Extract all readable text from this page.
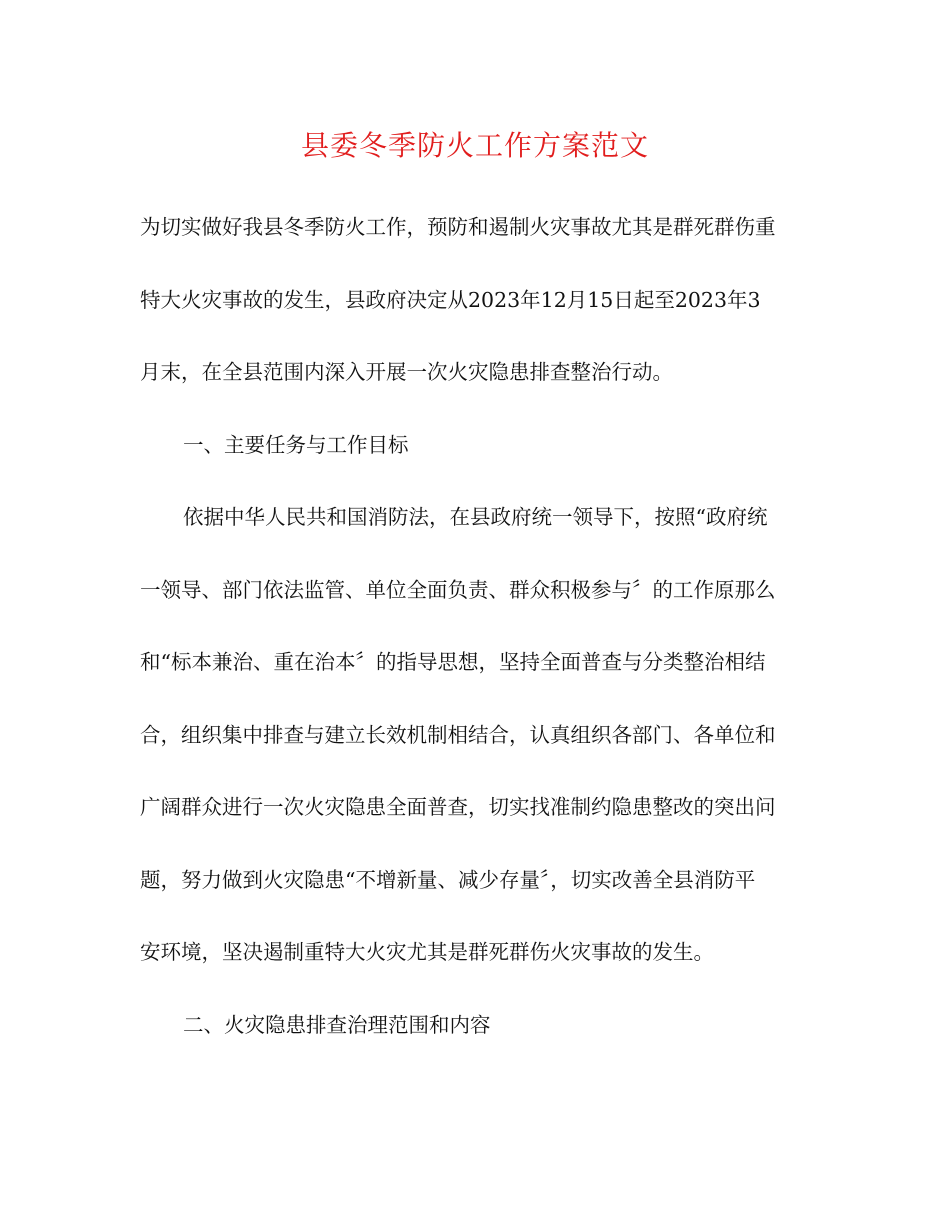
县委冬季防火工作方案范文
为切实做好我县冬季防火工作，预防和遏制火灾事故尤其是群死群伤重
特大火灾事故的发生，县政府决定从2023年12月15日起至2023年3
月末，在全县范围内深入开展一次火灾隐患排查整治行动。
一、主要任务与工作目标
依据中华人民共和国消防法，在县政府统一领导下，按照“政府统
一领导、部门依法监管、单位全面负责、群众积极参与〞的工作原那么
和“标本兼治、重在治本〞的指导思想，坚持全面普查与分类整治相结
合，组织集中排查与建立长效机制相结合，认真组织各部门、各单位和
广阔群众进行一次火灾隐患全面普查，切实找准制约隐患整改的突出问
题，努力做到火灾隐患“不增新量、减少存量〞，切实改善全县消防平
安环境，坚决遏制重特大火灾尤其是群死群伤火灾事故的发生。
二、火灾隐患排查治理范围和内容
